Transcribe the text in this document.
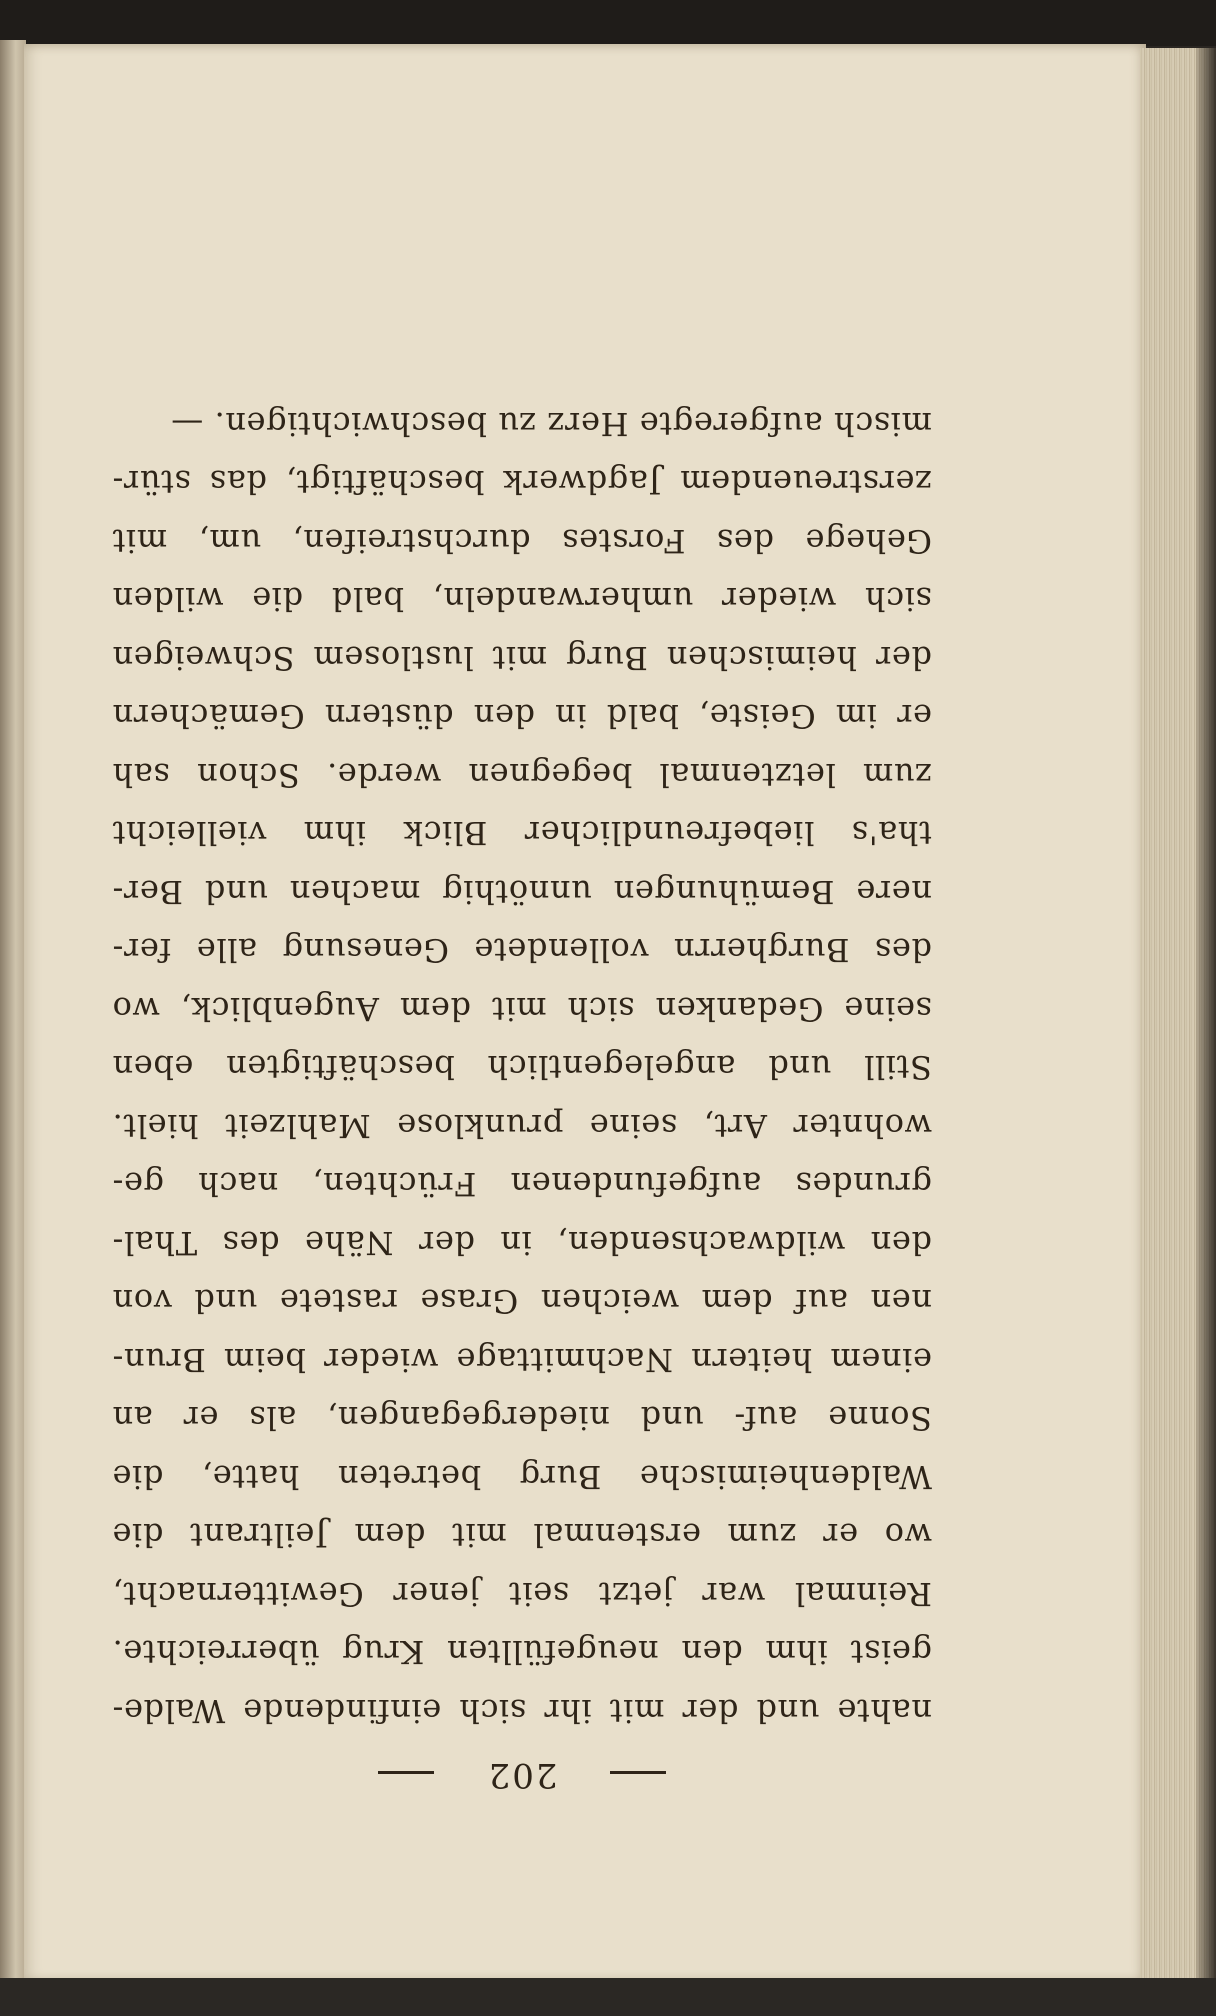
202
nahte und der mit ihr sich einfindende Walde-
geist ihm den neugefüllten Krug überreichte.
Reinmal war jetzt seit jener Gewitternacht,
wo er zum erstenmal mit dem Jeiltrant die
Waldenheimische Burg betreten hatte, die
Sonne auf- und niedergegangen, als er an
einem heitern Nachmittage wieder beim Brun-
nen auf dem weichen Grase rastete und von
den wildwachsenden, in der Nähe des Thal-
grundes aufgefundenen Früchten, nach ge-
wohnter Art, seine prunklose Mahlzeit hielt.
Still und angelegentlich beschäftigten eben
seine Gedanken sich mit dem Augenblick, wo
des Burgherrn vollendete Genesung alle fer-
nere Bemühungen unnöthig machen und Ber-
tha's liebefreundlicher Blick ihm vielleicht
zum letztenmal begegnen werde. Schon sah
er im Geiste, bald in den düstern Gemächern
der heimischen Burg mit lustlosem Schweigen
sich wieder umherwandeln, bald die wilden
Gehege des Forstes durchstreifen, um, mit
zerstreuendem Jagdwerk beschäftigt, das stür-
misch aufgeregte Herz zu beschwichtigen. —
